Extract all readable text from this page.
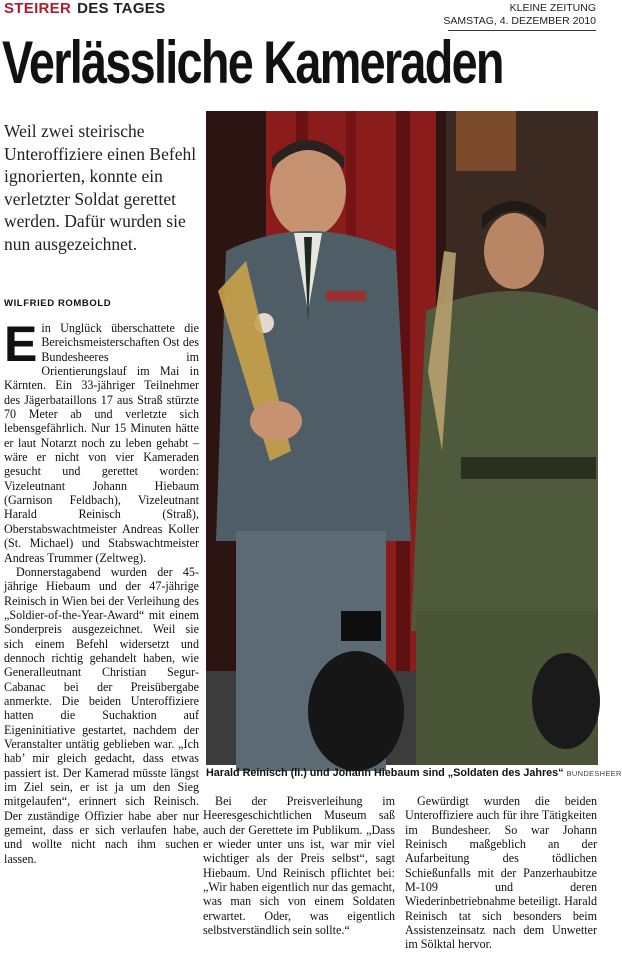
STEIRER DES TAGES	KLEINE ZEITUNG
SAMSTAG, 4. DEZEMBER 2010
Verlässliche Kameraden
Weil zwei steirische Unteroffiziere einen Befehl ignorierten, konnte ein verletzter Soldat gerettet werden. Dafür wurden sie nun ausgezeichnet.
WILFRIED ROMBOLD

Ein Unglück überschattete die Bereichsmeisterschaften Ost des Bundesheeres im Orientierungslauf im Mai in Kärnten. Ein 33-jähriger Teilnehmer des Jägerbataillons 17 aus Straß stürzte 70 Meter ab und verletzte sich lebensgefährlich. Nur 15 Minuten hätte er laut Notarzt noch zu leben gehabt – wäre er nicht von vier Kameraden gesucht und gerettet worden: Vizeleutnant Johann Hiebaum (Garnison Feldbach), Vizeleutnant Harald Reinisch (Straß), Oberstabswachtmeister Andreas Koller (St. Michael) und Stabswachtmeister Andreas Trummer (Zeltweg).

Donnerstagabend wurden der 45-jährige Hiebaum und der 47-jährige Reinisch in Wien bei der Verleihung des „Soldier-of-the-Year-Award“ mit einem Sonderpreis ausgezeichnet. Weil sie sich einem Befehl widersetzt und dennoch richtig gehandelt haben, wie Generalleutnant Christian Segur-Cabanac bei der Preisübergabe anmerkte. Die beiden Unteroffiziere hatten die Suchaktion auf Eigeninitiative gestartet, nachdem der Veranstalter untätig geblieben war. „Ich hab’ mir gleich gedacht, dass etwas passiert ist. Der Kamerad müsste längst im Ziel sein, er ist ja um den Sieg mitgelaufen“, erinnert sich Reinisch. Der zuständige Offizier habe aber nur gemeint, dass er sich verlaufen habe, und wollte nicht nach ihm suchen lassen.

Harald Reinisch (li.) und Johann Hiebaum sind „Soldaten des Jahres“ BUNDESHEER

Bei der Preisverleihung im Heeresgeschichtlichen Museum saß auch der Gerettete im Publikum. „Dass er wieder unter uns ist, war mir viel wichtiger als der Preis selbst“, sagt Hiebaum. Und Reinisch pflichtet bei: „Wir haben eigentlich nur das gemacht, was man sich von einem Soldaten erwartet. Oder, was eigentlich selbstverständlich sein sollte.“

Gewürdigt wurden die beiden Unteroffiziere auch für ihre Tätigkeiten im Bundesheer. So war Johann Reinisch maßgeblich an der Aufarbeitung des tödlichen Schießunfalls mit der Panzerhaubitze M-109 und deren Wiederinbetriebnahme beteiligt. Harald Reinisch tat sich besonders beim Assistenzeinsatz nach dem Unwetter im Sölktal hervor.
